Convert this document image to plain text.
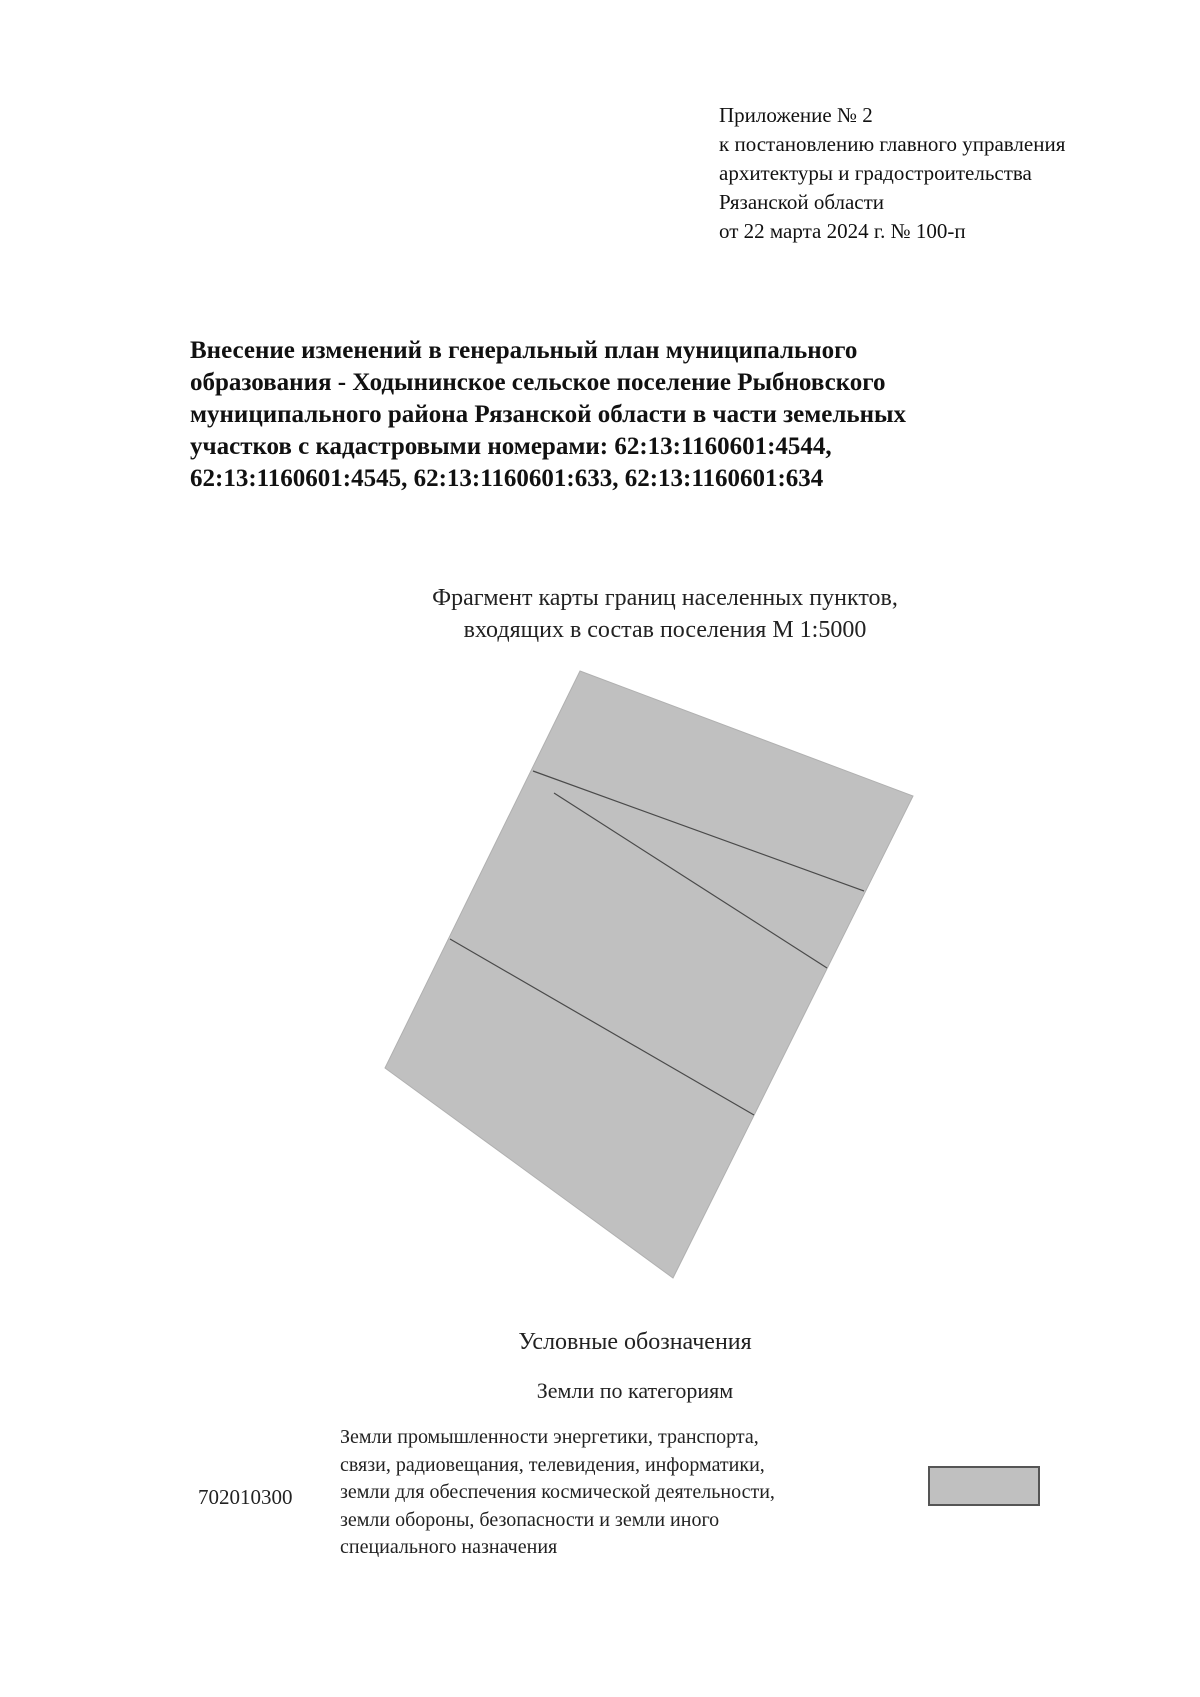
Приложение № 2
к постановлению главного управления
архитектуры и градостроительства
Рязанской области
от 22 марта 2024 г. № 100-п
Внесение изменений в генеральный план муниципального
образования - Ходынинское сельское поселение Рыбновского
муниципального района Рязанской области в части земельных
участков с кадастровыми номерами: 62:13:1160601:4544,
62:13:1160601:4545, 62:13:1160601:633, 62:13:1160601:634
Фрагмент карты границ населенных пунктов,
входящих в состав поселения М 1:5000
Условные обозначения
Земли по категориям
702010300
Земли промышленности энергетики, транспорта,
связи, радиовещания, телевидения, информатики,
земли для обеспечения космической деятельности,
земли обороны, безопасности и земли иного
специального назначения
